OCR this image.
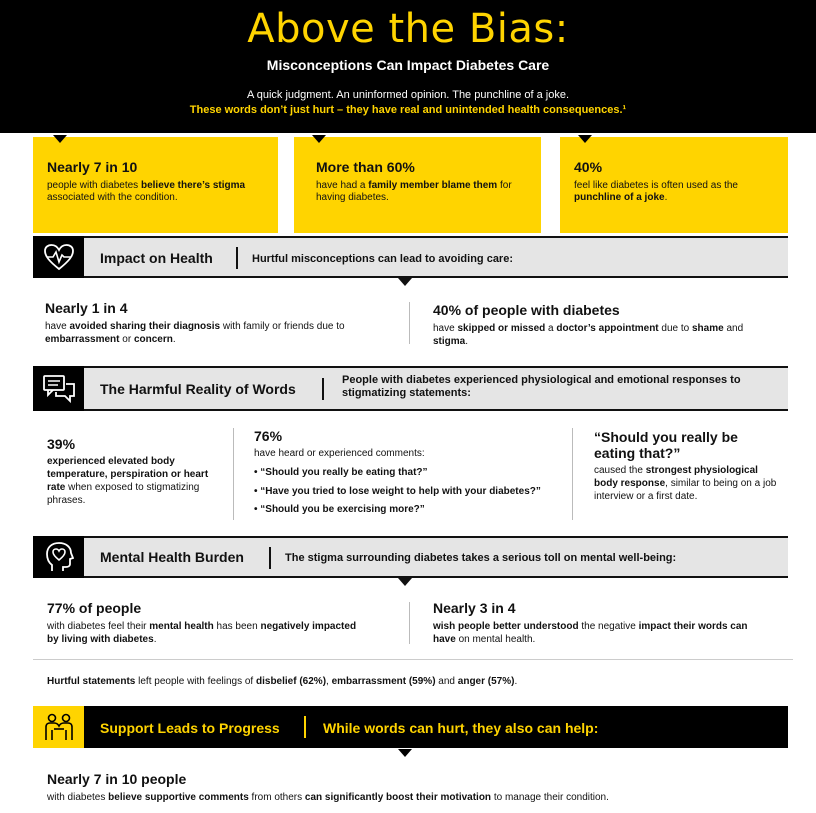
Above the Bias:
Misconceptions Can Impact Diabetes Care
A quick judgment. An uninformed opinion. The punchline of a joke.
These words don’t just hurt – they have real and unintended health consequences.¹
Nearly 7 in 10
people with diabetes believe there’s stigma associated with the condition.
More than 60%
have had a family member blame them for having diabetes.
40%
feel like diabetes is often used as the punchline of a joke.
Impact on Health	Hurtful misconceptions can lead to avoiding care:
Nearly 1 in 4
have avoided sharing their diagnosis with family or friends due to embarrassment or concern.
40% of people with diabetes
have skipped or missed a doctor’s appointment due to shame and stigma.
The Harmful Reality of Words
People with diabetes experienced physiological and emotional responses to stigmatizing statements:
39%
experienced elevated body temperature, perspiration or heart rate when exposed to stigmatizing phrases.
76%
have heard or experienced comments:
• “Should you really be eating that?”
• “Have you tried to lose weight to help with your diabetes?”
• “Should you be exercising more?”
“Should you really be eating that?”
caused the strongest physiological body response, similar to being on a job interview or a first date.
Mental Health Burden	The stigma surrounding diabetes takes a serious toll on mental well-being:
77% of people
with diabetes feel their mental health has been negatively impacted by living with diabetes.
Nearly 3 in 4
wish people better understood the negative impact their words can have on mental health.
Hurtful statements left people with feelings of disbelief (62%), embarrassment (59%) and anger (57%).
Support Leads to Progress	While words can hurt, they also can help:
Nearly 7 in 10 people
with diabetes believe supportive comments from others can significantly boost their motivation to manage their condition.
